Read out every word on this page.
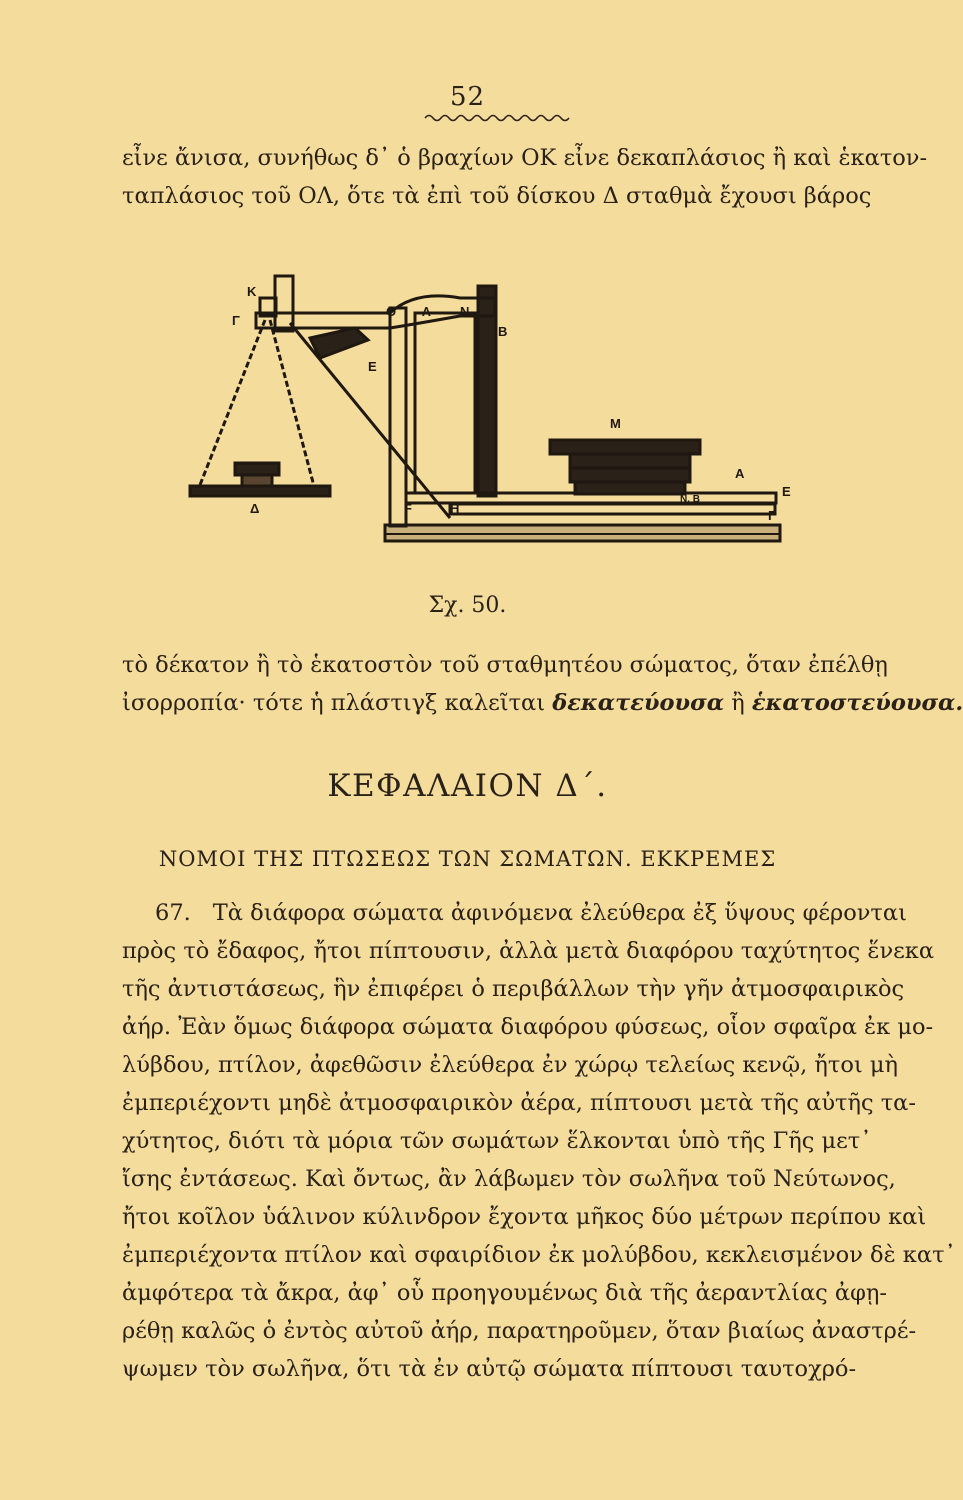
52
εἶνε ἄνισα, συνήθως δ᾽ ὁ βραχίων ΟΚ εἶνε δεκαπλάσιος ἢ καὶ ἑκατον-
ταπλάσιος τοῦ ΟΛ, ὅτε τὰ ἐπὶ τοῦ δίσκου Δ σταθμὰ ἔχουσι βάρος
Κ
Γ
Ε
Δ
Ο Λ N
B
M
A
E
F	H
N. B
Γ
Σχ. 50.
τὸ δέκατον ἢ τὸ ἑκατοστὸν τοῦ σταθμητέου σώματος, ὅταν ἐπέλθῃ
ἰσορροπία· τότε ἡ πλάστιγξ καλεῖται δεκατεύουσα ἢ ἑκατοστεύουσα.
ΚΕΦΑΛΑΙΟΝ Δ΄.
ΝΟΜΟΙ ΤΗΣ ΠΤΩΣΕΩΣ ΤΩΝ ΣΩΜΑΤΩΝ. ΕΚΚΡΕΜΕΣ
67. Τὰ διάφορα σώματα ἀφινόμενα ἐλεύθερα ἐξ ὕψους φέρονται
πρὸς τὸ ἔδαφος, ἤτοι πίπτουσιν, ἀλλὰ μετὰ διαφόρου ταχύτητος ἕνεκα
τῆς ἀντιστάσεως, ἣν ἐπιφέρει ὁ περιβάλλων τὴν γῆν ἀτμοσφαιρικὸς
ἀήρ. Ἐὰν ὅμως διάφορα σώματα διαφόρου φύσεως, οἷον σφαῖρα ἐκ μο-
λύβδου, πτίλον, ἀφεθῶσιν ἐλεύθερα ἐν χώρῳ τελείως κενῷ, ἤτοι μὴ
ἐμπεριέχοντι μηδὲ ἀτμοσφαιρικὸν ἀέρα, πίπτουσι μετὰ τῆς αὐτῆς τα-
χύτητος, διότι τὰ μόρια τῶν σωμάτων ἕλκονται ὑπὸ τῆς Γῆς μετ᾽
ἴσης ἐντάσεως. Καὶ ὄντως, ἂν λάβωμεν τὸν σωλῆνα τοῦ Νεύτωνος,
ἤτοι κοῖλον ὑάλινον κύλινδρον ἔχοντα μῆκος δύο μέτρων περίπου καὶ
ἐμπεριέχοντα πτίλον καὶ σφαιρίδιον ἐκ μολύβδου, κεκλεισμένον δὲ κατ᾽
ἀμφότερα τὰ ἄκρα, ἀφ᾽ οὗ προηγουμένως διὰ τῆς ἀεραντλίας ἀφῃ-
ρέθῃ καλῶς ὁ ἐντὸς αὐτοῦ ἀήρ, παρατηροῦμεν, ὅταν βιαίως ἀναστρέ-
ψωμεν τὸν σωλῆνα, ὅτι τὰ ἐν αὐτῷ σώματα πίπτουσι ταυτοχρό-
